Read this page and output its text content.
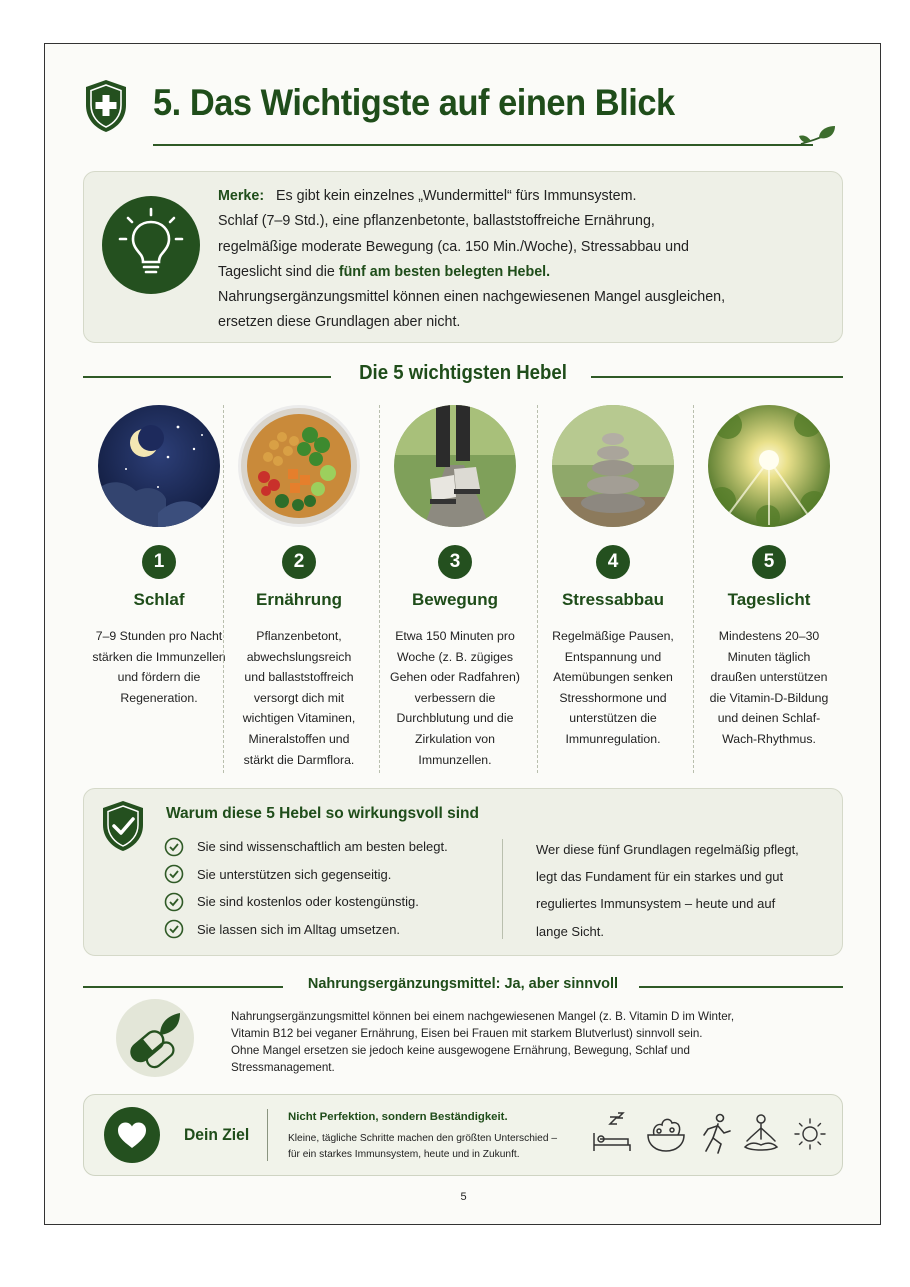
5. Das Wichtigste auf einen Blick
Merke: Es gibt kein einzelnes „Wundermittel“ fürs Immunsystem.
Schlaf (7–9 Std.), eine pflanzenbetonte, ballaststoffreiche Ernährung,
regelmäßige moderate Bewegung (ca. 150 Min./Woche), Stressabbau und
Tageslicht sind die fünf am besten belegten Hebel.
Nahrungsergänzungsmittel können einen nachgewiesenen Mangel ausgleichen,
ersetzen diese Grundlagen aber nicht.
Die 5 wichtigsten Hebel
1
Schlaf
7–9 Stunden pro Nacht
stärken die Immunzellen
und fördern die
Regeneration.
2
Ernährung
Pflanzenbetont,
abwechslungsreich
und ballaststoffreich
versorgt dich mit
wichtigen Vitaminen,
Mineralstoffen und
stärkt die Darmflora.
3
Bewegung
Etwa 150 Minuten pro
Woche (z. B. zügiges
Gehen oder Radfahren)
verbessern die
Durchblutung und die
Zirkulation von
Immunzellen.
4
Stressabbau
Regelmäßige Pausen,
Entspannung und
Atemübungen senken
Stresshormone und
unterstützen die
Immunregulation.
5
Tageslicht
Mindestens 20–30
Minuten täglich
draußen unterstützen
die Vitamin-D-Bildung
und deinen Schlaf-
Wach-Rhythmus.
Warum diese 5 Hebel so wirkungsvoll sind
Sie sind wissenschaftlich am besten belegt.
Sie unterstützen sich gegenseitig.
Sie sind kostenlos oder kostengünstig.
Sie lassen sich im Alltag umsetzen.
Wer diese fünf Grundlagen regelmäßig pflegt,
legt das Fundament für ein starkes und gut
reguliertes Immunsystem – heute und auf
lange Sicht.
Nahrungsergänzungsmittel: Ja, aber sinnvoll
Nahrungsergänzungsmittel können bei einem nachgewiesenen Mangel (z. B. Vitamin D im Winter,
Vitamin B12 bei veganer Ernährung, Eisen bei Frauen mit starkem Blutverlust) sinnvoll sein.
Ohne Mangel ersetzen sie jedoch keine ausgewogene Ernährung, Bewegung, Schlaf und
Stressmanagement.
Dein Ziel
Nicht Perfektion, sondern Beständigkeit.
Kleine, tägliche Schritte machen den größten Unterschied –
für ein starkes Immunsystem, heute und in Zukunft.
5
